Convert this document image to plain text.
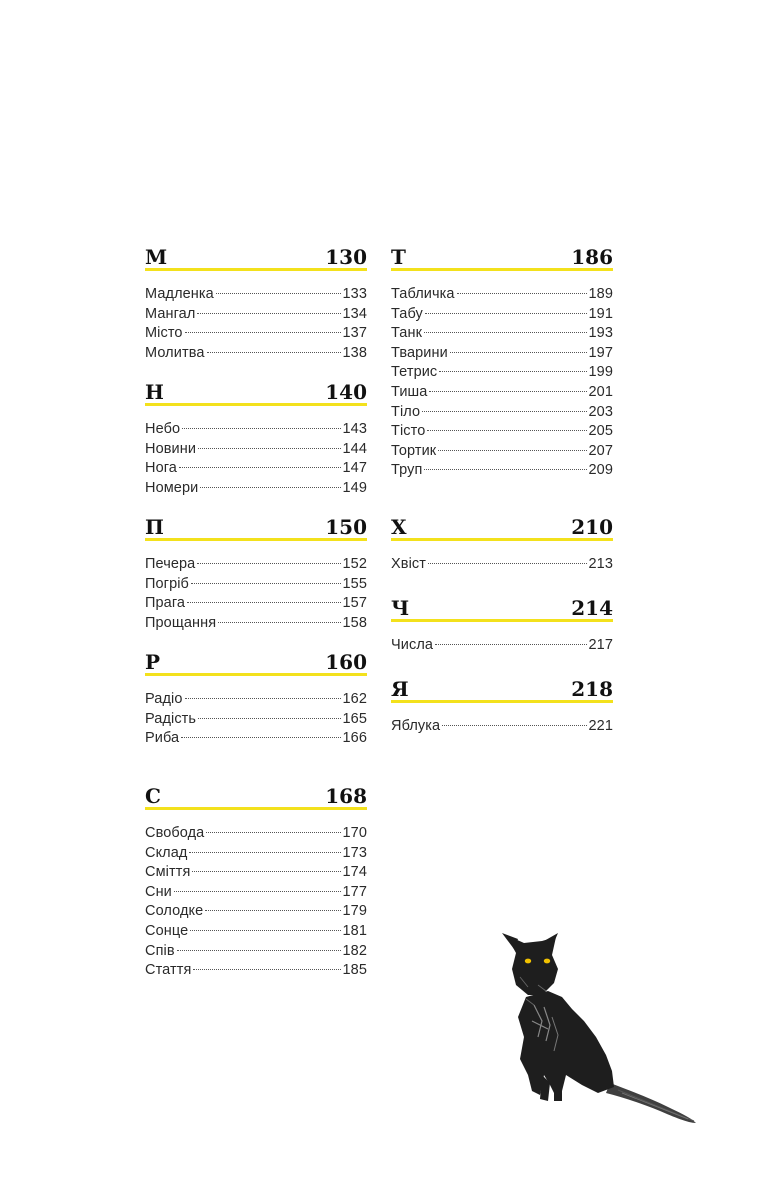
М	130
Мадленка	133
Мангал	134
Місто	137
Молитва	138
Н	140
Небо	143
Новини	144
Нога	147
Номери	149
П	150
Печера	152
Погріб	155
Прага	157
Прощання	158
Р	160
Радіо	162
Радість	165
Риба	166
С	168
Свобода	170
Склад	173
Сміття	174
Сни	177
Солодке	179
Сонце	181
Спів	182
Стаття	185
Т	186
Табличка	189
Табу	191
Танк	193
Тварини	197
Тетрис	199
Тиша	201
Тіло	203
Тісто	205
Тортик	207
Труп	209
Х	210
Хвіст	213
Ч	214
Числа	217
Я	218
Яблука	221
